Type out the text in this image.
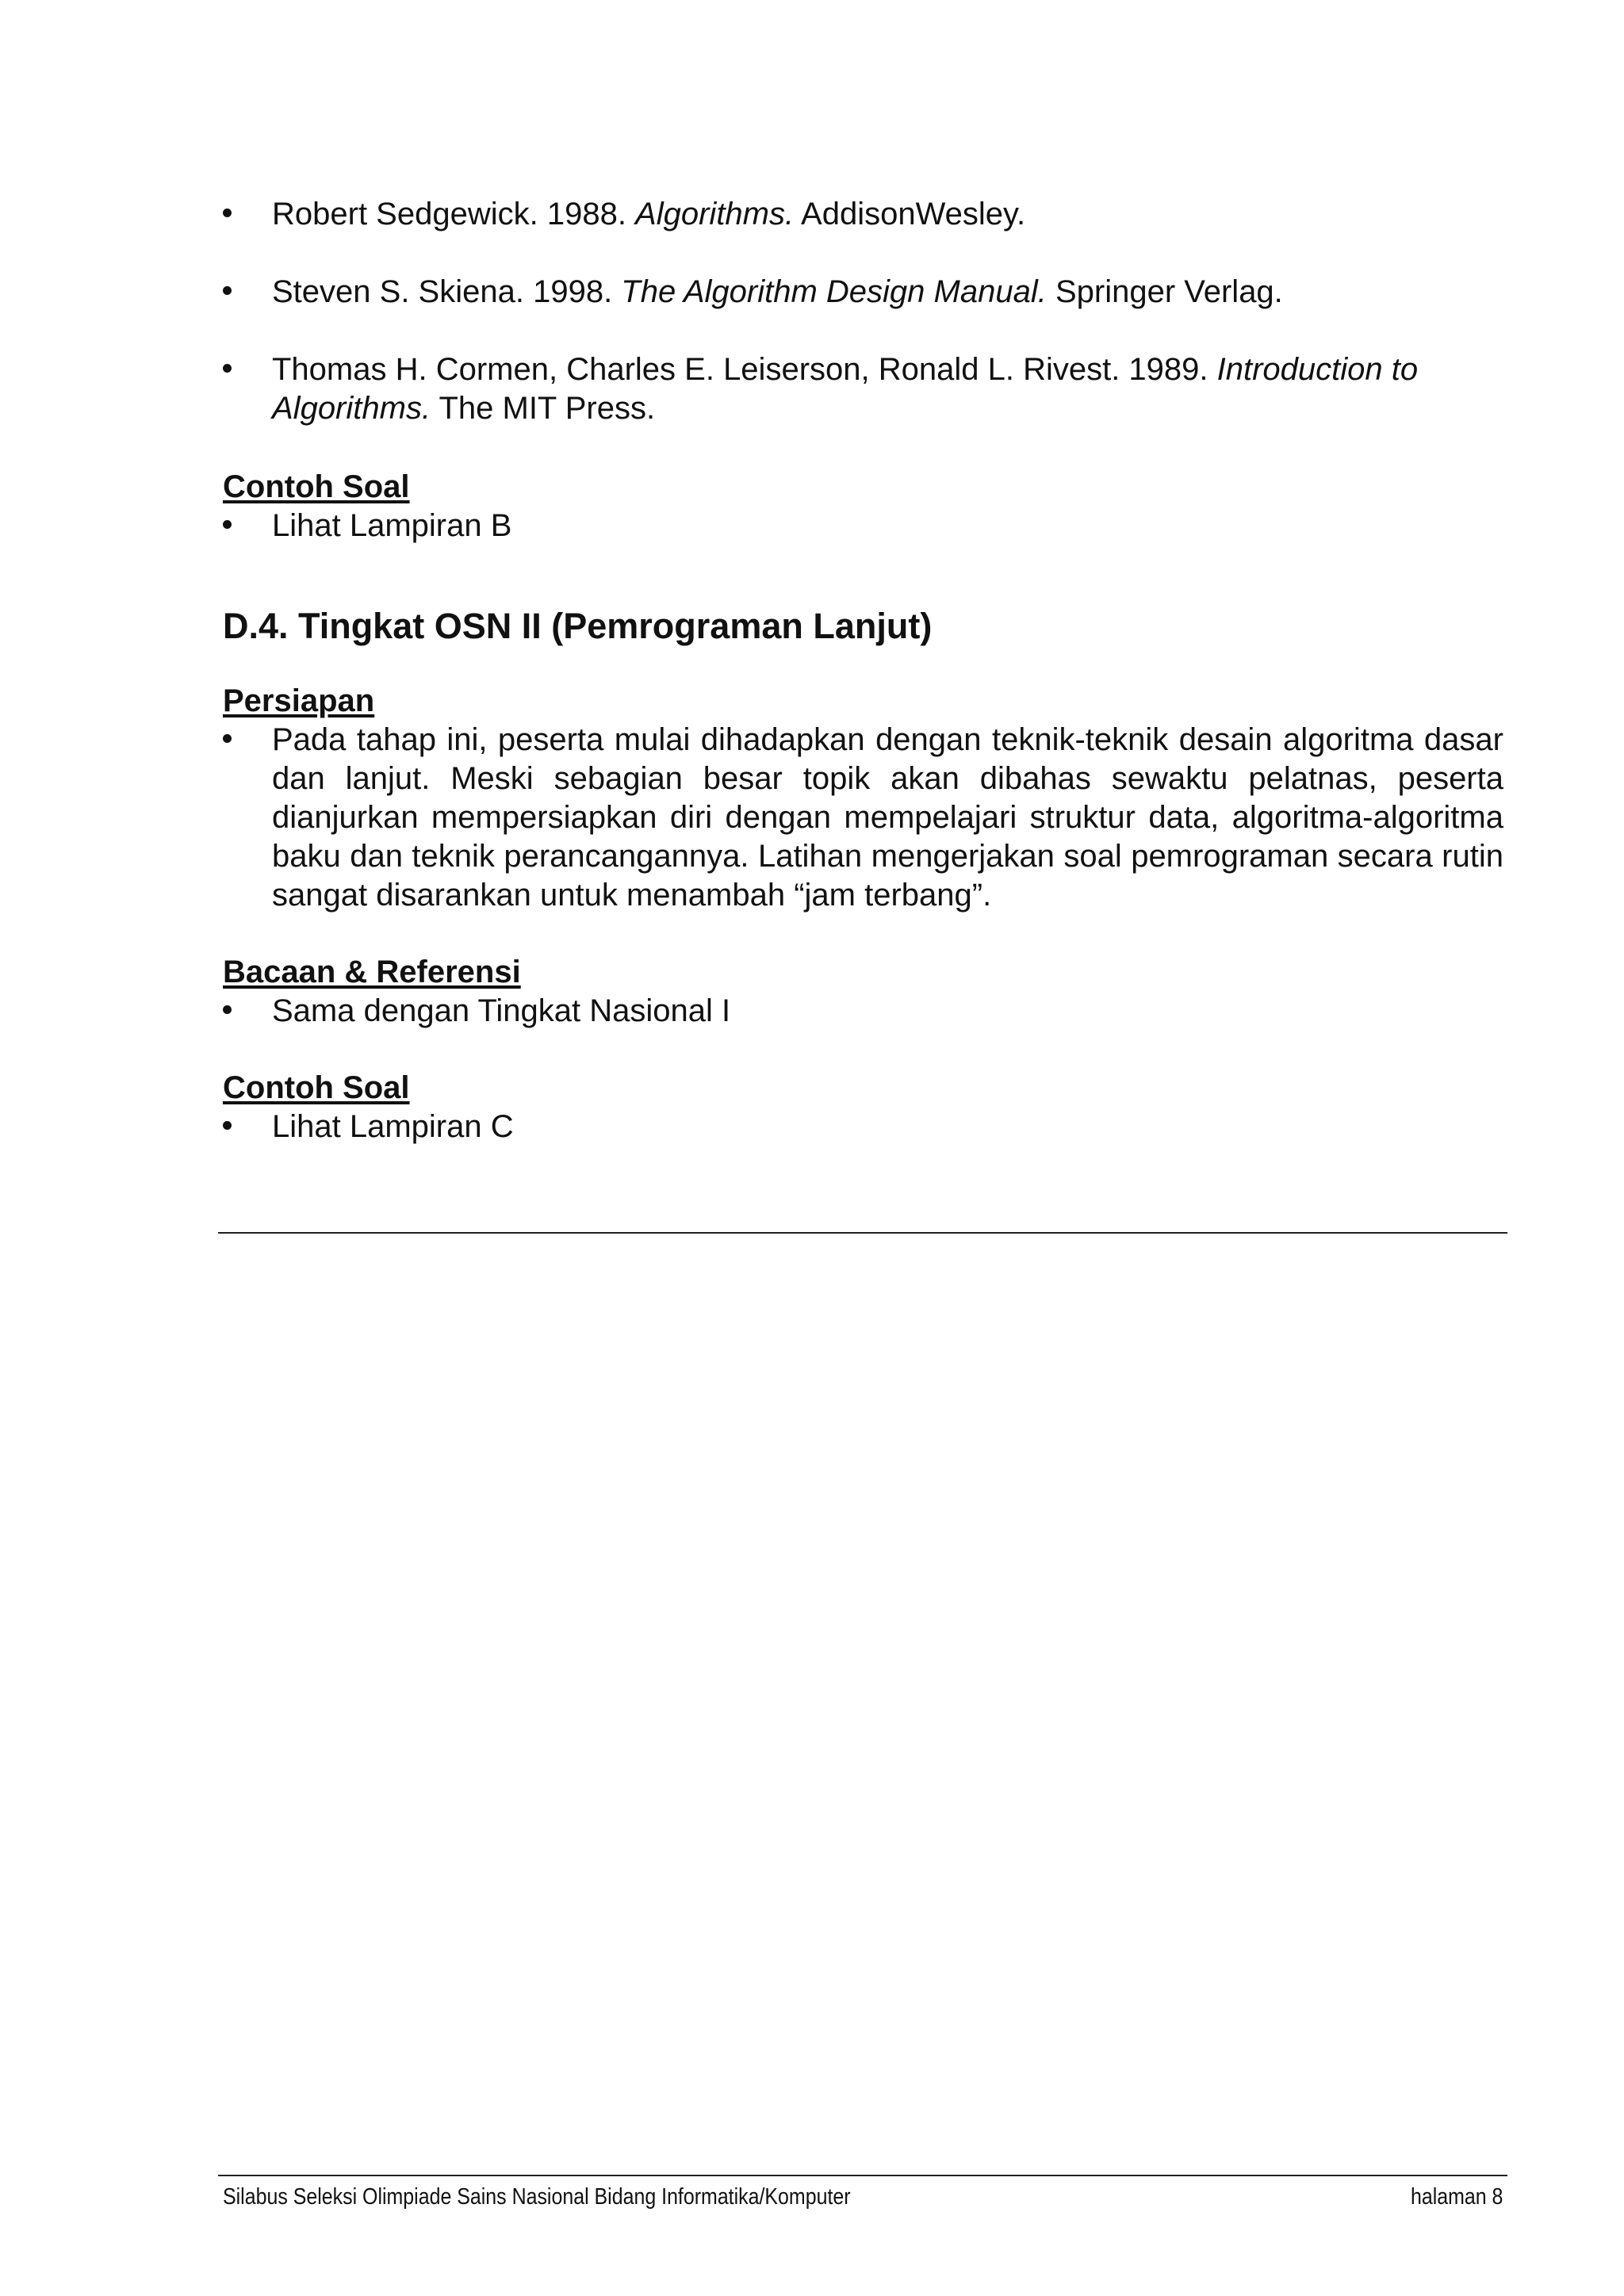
Robert Sedgewick. 1988. Algorithms. AddisonWesley.
Steven S. Skiena. 1998. The Algorithm Design Manual. Springer Verlag.
Thomas H. Cormen, Charles E. Leiserson, Ronald L. Rivest. 1989. Introduction to Algorithms. The MIT Press.
Contoh Soal
Lihat Lampiran B
D.4. Tingkat OSN II (Pemrograman Lanjut)
Persiapan
Pada tahap ini, peserta mulai dihadapkan dengan teknik-teknik desain algoritma dasar dan lanjut. Meski sebagian besar topik akan dibahas sewaktu pelatnas, peserta dianjurkan mempersiapkan diri dengan mempelajari struktur data, algoritma-algoritma baku dan teknik perancangannya. Latihan mengerjakan soal pemrograman secara rutin sangat disarankan untuk menambah “jam terbang”.
Bacaan & Referensi
Sama dengan Tingkat Nasional I
Contoh Soal
Lihat Lampiran C
Silabus Seleksi Olimpiade Sains Nasional Bidang Informatika/Komputer	halaman 8
